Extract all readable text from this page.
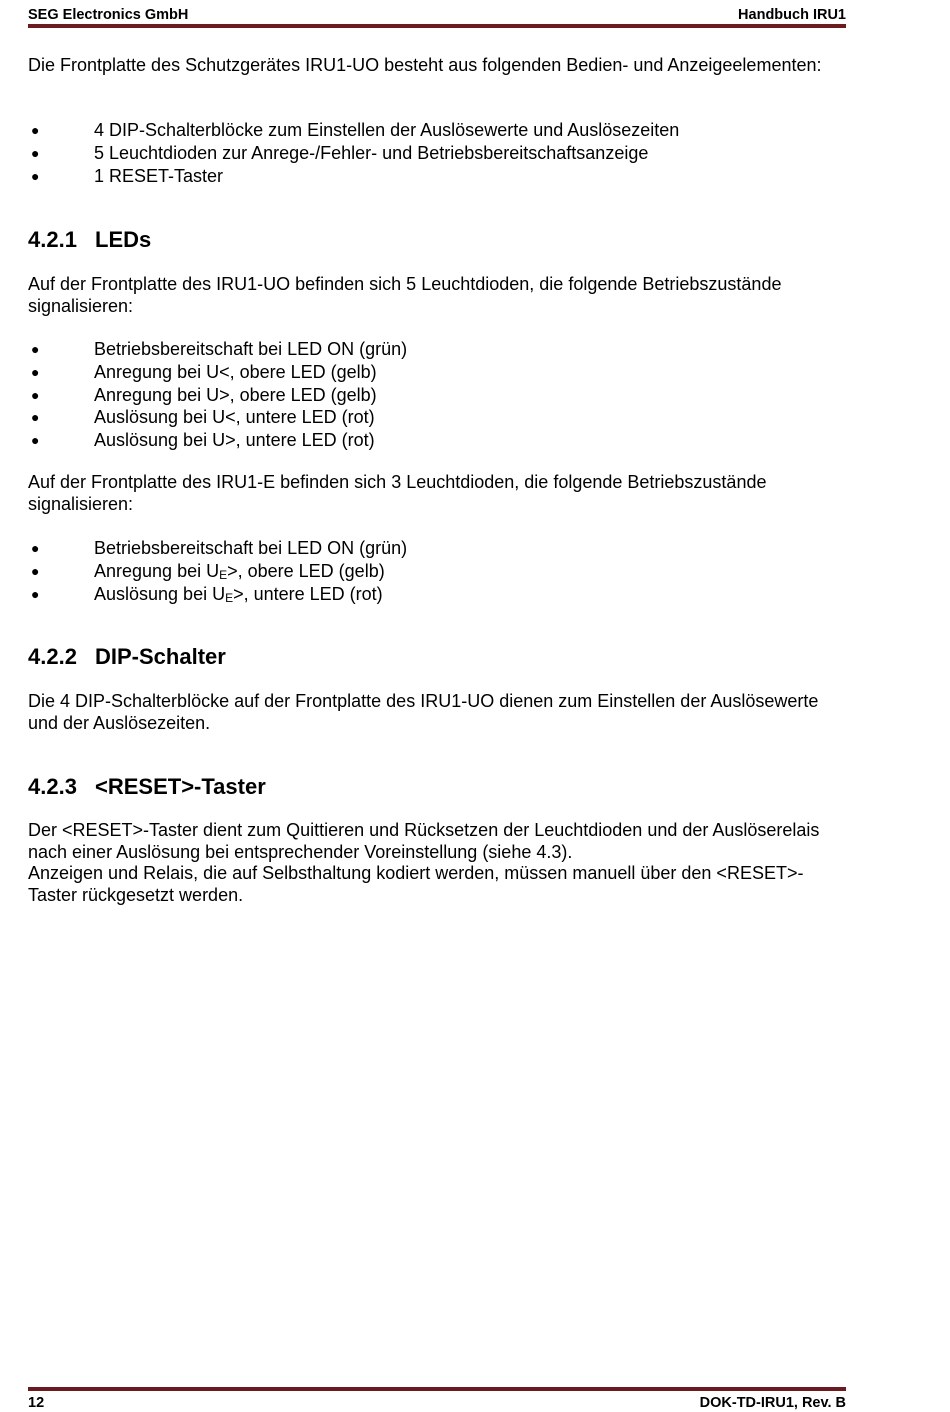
SEG Electronics GmbH	Handbuch IRU1

Die Frontplatte des Schutzgerätes IRU1-UO besteht aus folgenden Bedien- und Anzeigeelementen:

●	4 DIP-Schalterblöcke zum Einstellen der Auslösewerte und Auslösezeiten
●	5 Leuchtdioden zur Anrege-/Fehler- und Betriebsbereitschaftsanzeige
●	1 RESET-Taster
4.2.1 LEDs

Auf der Frontplatte des IRU1-UO befinden sich 5 Leuchtdioden, die folgende Betriebszustände signalisieren:

●	Betriebsbereitschaft bei LED ON (grün)
●	Anregung bei U<, obere LED (gelb)
●	Anregung bei U>, obere LED (gelb)
●	Auslösung bei U<, untere LED (rot)
●	Auslösung bei U>, untere LED (rot)

Auf der Frontplatte des IRU1-E befinden sich 3 Leuchtdioden, die folgende Betriebszustände signalisieren:

●	Betriebsbereitschaft bei LED ON (grün)
●	Anregung bei $U_E>$, obere LED (gelb)
●	Auslösung bei $U_E>$, untere LED (rot)
4.2.2 DIP-Schalter

Die 4 DIP-Schalterblöcke auf der Frontplatte des IRU1-UO dienen zum Einstellen der Auslösewerte und der Auslösezeiten.

4.2.3 <RESET>-Taster

Der <RESET>-Taster dient zum Quittieren und Rücksetzen der Leuchtdioden und der Auslöserelais nach einer Auslösung bei entsprechender Voreinstellung (siehe 4.3).

Anzeigen und Relais, die auf Selbsthaltung kodiert werden, müssen manuell über den <RESET>-Taster rückgesetzt werden.

12	DOK-TD-IRU1, Rev. B
